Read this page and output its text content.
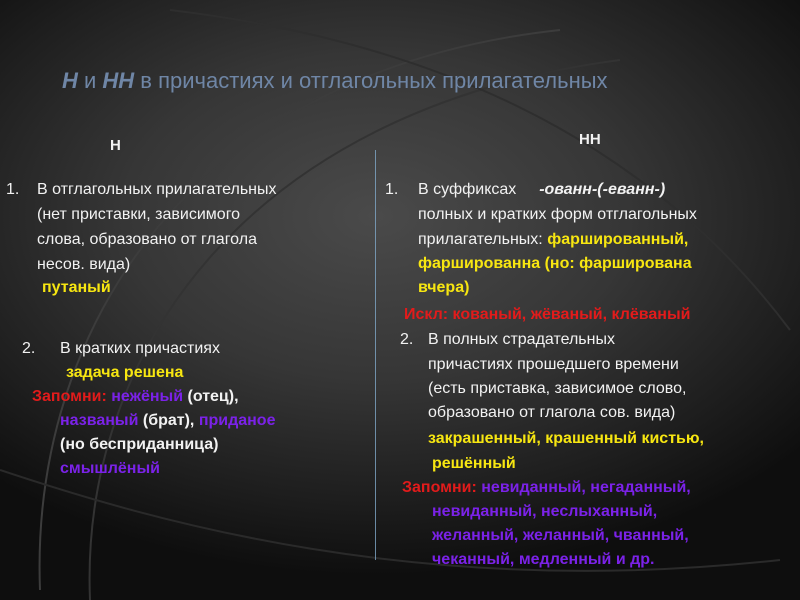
Н и НН в причастиях и отглагольных прилагательных
Н	НН
1. В отглагольных прилагательных
(нет приставки, зависимого
слова, образовано от глагола
несов. вида)
путаный
2. В кратких причастиях
задача решена
Запомни: нежёный (отец),
названый (брат), приданое
(но бесприданница)
смышлёный
1. В суффиксах -ованн-(-еванн-)
полных и кратких форм отглагольных
прилагательных: фаршированный,
фаршированна (но: фарширована
вчера)
Искл: кованый, жёваный, клёваный
2. В полных страдательных
причастиях прошедшего времени
(есть приставка, зависимое слово,
образовано от глагола сов. вида)
закрашенный, крашенный кистью,
решённый
Запомни: невиданный, негаданный,
невиданный, неслыханный,
желанный, желанный, чванный,
чеканный, медленный и др.
